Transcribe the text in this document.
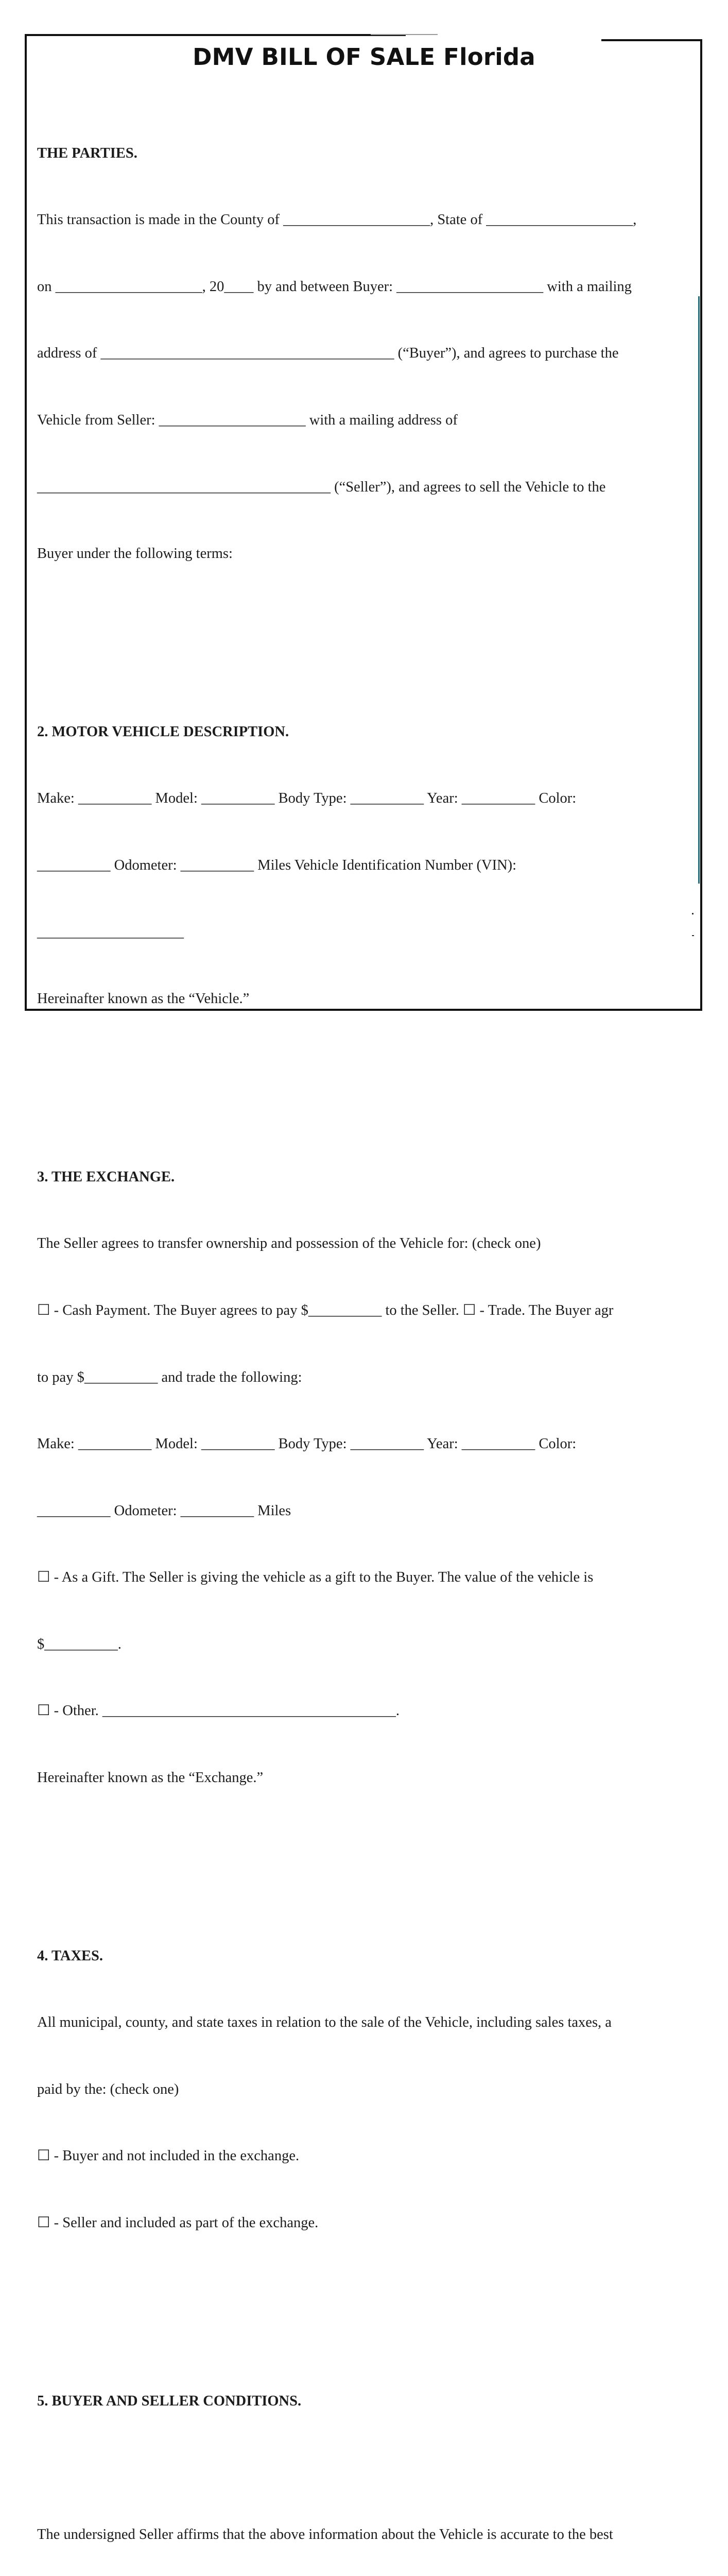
DMV BILL OF SALE Florida

THE PARTIES.

This transaction is made in the County of ____________________, State of ____________________,

on ____________________, 20____ by and between Buyer: ____________________ with a mailing

address of ________________________________________ (“Buyer”), and agrees to purchase the

Vehicle from Seller: ____________________ with a mailing address of

________________________________________ (“Seller”), and agrees to sell the Vehicle to the

Buyer under the following terms:

2. MOTOR VEHICLE DESCRIPTION.

Make: __________ Model: __________ Body Type: __________ Year: __________ Color:

__________ Odometer: __________ Miles Vehicle Identification Number (VIN):

____________________

Hereinafter known as the “Vehicle.”

3. THE EXCHANGE.

The Seller agrees to transfer ownership and possession of the Vehicle for: (check one)

☐ - Cash Payment. The Buyer agrees to pay $__________ to the Seller. ☐ - Trade. The Buyer agr

to pay $__________ and trade the following:

Make: __________ Model: __________ Body Type: __________ Year: __________ Color:

__________ Odometer: __________ Miles

☐ - As a Gift. The Seller is giving the vehicle as a gift to the Buyer. The value of the vehicle is

$__________.

☐ - Other. ________________________________________.

Hereinafter known as the “Exchange.”

4. TAXES.

All municipal, county, and state taxes in relation to the sale of the Vehicle, including sales taxes, a

paid by the: (check one)

☐ - Buyer and not included in the exchange.

☐ - Seller and included as part of the exchange.

5. BUYER AND SELLER CONDITIONS.

The undersigned Seller affirms that the above information about the Vehicle is accurate to the best
